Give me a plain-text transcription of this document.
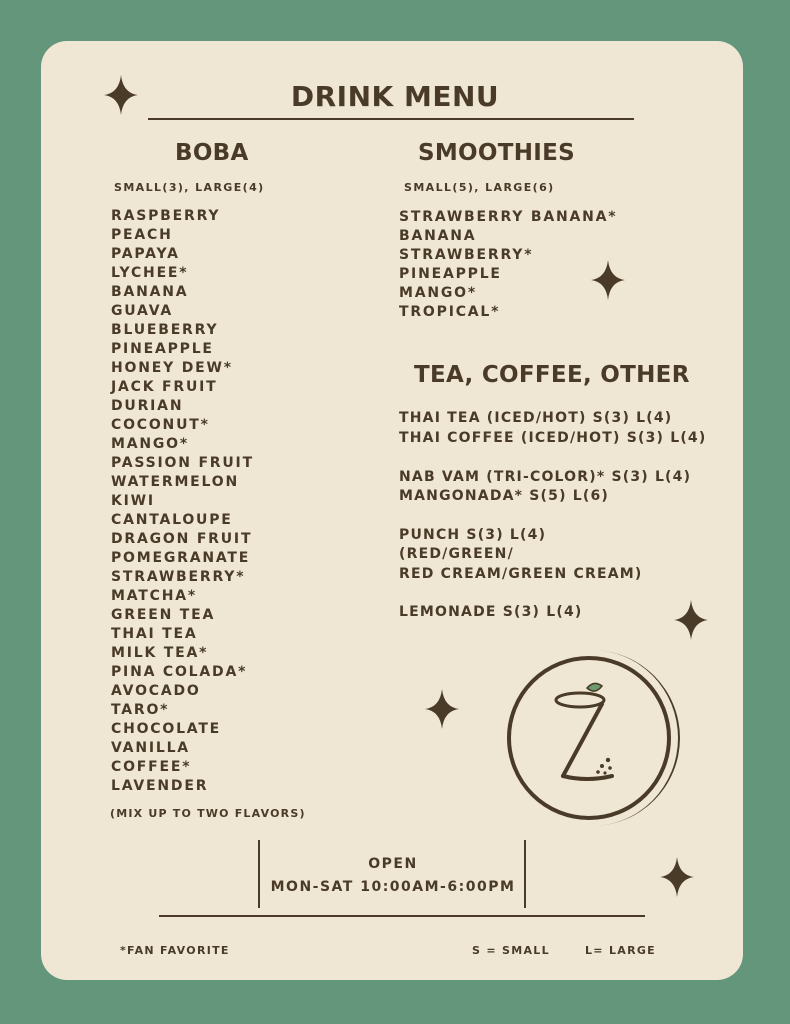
DRINK MENU
BOBA
SMALL(3), LARGE(4)
RASPBERRY
PEACH
PAPAYA
LYCHEE*
BANANA
GUAVA
BLUEBERRY
PINEAPPLE
HONEY DEW*
JACK FRUIT
DURIAN
COCONUT*
MANGO*
PASSION FRUIT
WATERMELON
KIWI
CANTALOUPE
DRAGON FRUIT
POMEGRANATE
STRAWBERRY*
MATCHA*
GREEN TEA
THAI TEA
MILK TEA*
PINA COLADA*
AVOCADO
TARO*
CHOCOLATE
VANILLA
COFFEE*
LAVENDER
(MIX UP TO TWO FLAVORS)
SMOOTHIES
SMALL(5), LARGE(6)
STRAWBERRY BANANA*
BANANA
STRAWBERRY*
PINEAPPLE
MANGO*
TROPICAL*
TEA, COFFEE, OTHER
THAI TEA (ICED/HOT) S(3) L(4)
THAI COFFEE (ICED/HOT) S(3) L(4)
NAB VAM (TRI-COLOR)* S(3) L(4)
MANGONADA* S(5) L(6)
PUNCH S(3) L(4)
(RED/GREEN/
RED CREAM/GREEN CREAM)
LEMONADE S(3) L(4)
OPEN
MON-SAT 10:00AM-6:00PM
*FAN FAVORITE	S = SMALL	L= LARGE
